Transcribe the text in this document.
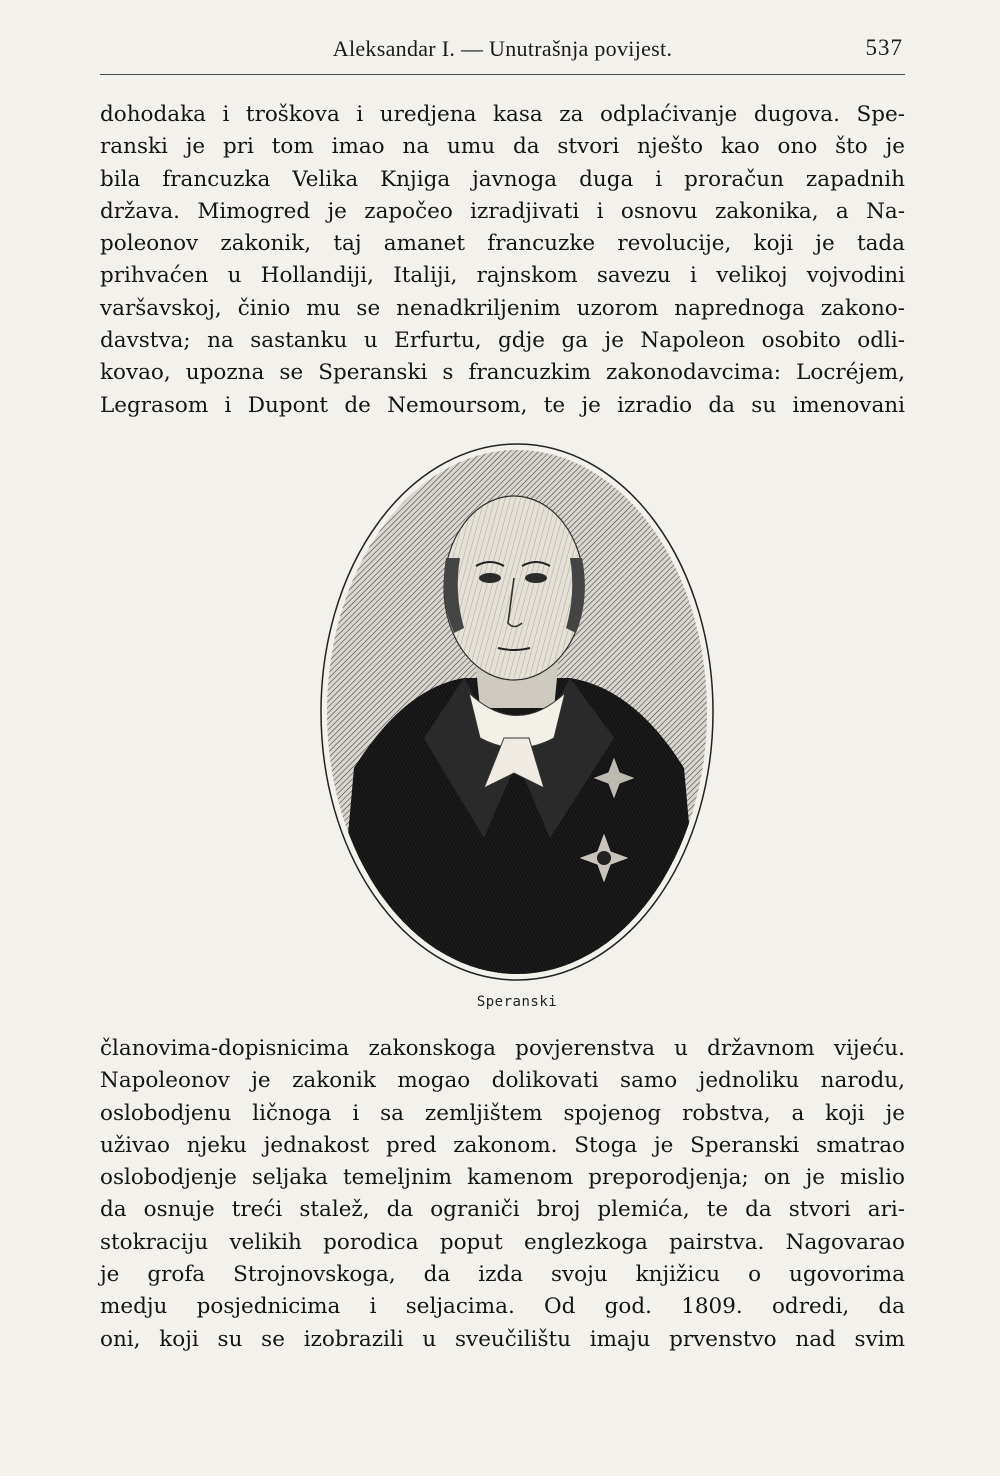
Aleksandar I. — Unutrašnja povijest.	537
dohodaka i troškova i uredjena kasa za odplaćivanje dugova. Spe-
ranski je pri tom imao na umu da stvori nješto kao ono što je
bila francuzka Velika Knjiga javnoga duga i proračun zapadnih
država. Mimogred je započeo izradjivati i osnovu zakonika, a Na-
poleonov zakonik, taj amanet francuzke revolucije, koji je tada
prihvaćen u Hollandiji, Italiji, rajnskom savezu i velikoj vojvodini
varšavskoj, činio mu se nenadkriljenim uzorom naprednoga zakono-
davstva; na sastanku u Erfurtu, gdje ga je Napoleon osobito odli-
kovao, upozna se Speranski s francuzkim zakonodavcima: Locréjem,
Legrasom i Dupont de Nemoursom, te je izradio da su imenovani
Speranski
članovima-dopisnicima zakonskoga povjerenstva u državnom vijeću.
Napoleonov je zakonik mogao dolikovati samo jednoliku narodu,
oslobodjenu ličnoga i sa zemljištem spojenog robstva, a koji je
uživao njeku jednakost pred zakonom. Stoga je Speranski smatrao
oslobodjenje seljaka temeljnim kamenom preporodjenja; on je mislio
da osnuje treći stalež, da ograniči broj plemića, te da stvori ari-
stokraciju velikih porodica poput englezkoga pairstva. Nagovarao
je grofa Strojnovskoga, da izda svoju knjižicu o ugovorima
medju posjednicima i seljacima. Od god. 1809. odredi, da
oni, koji su se izobrazili u sveučilištu imaju prvenstvo nad svim
